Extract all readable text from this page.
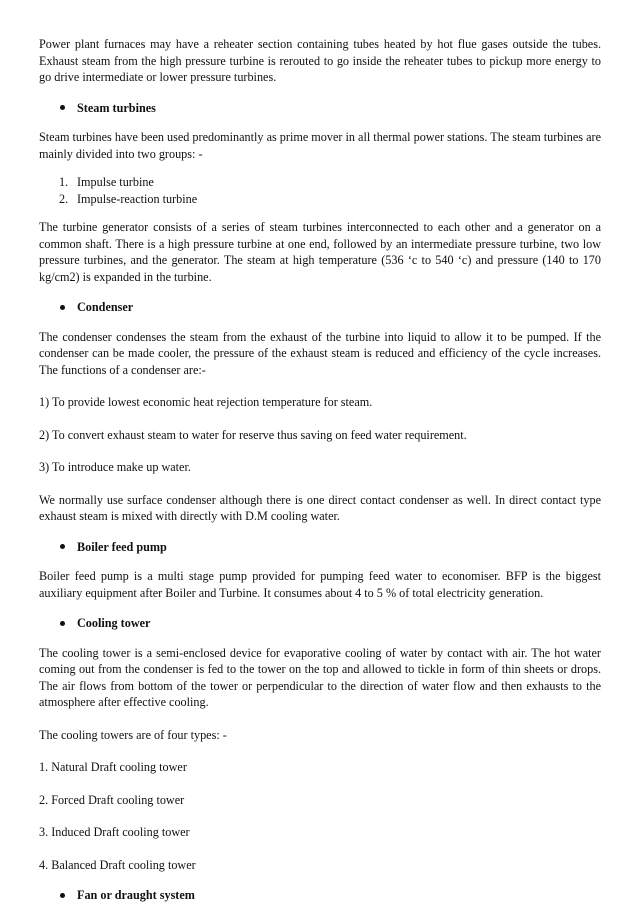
Power plant furnaces may have a reheater section containing tubes heated by hot flue gases outside the tubes. Exhaust steam from the high pressure turbine is rerouted to go inside the reheater tubes to pickup more energy to go drive intermediate or lower pressure turbines.

Steam turbines

Steam turbines have been used predominantly as prime mover in all thermal power stations. The steam turbines are mainly divided into two groups: -

1. Impulse turbine
2. Impulse-reaction turbine

The turbine generator consists of a series of steam turbines interconnected to each other and a generator on a common shaft. There is a high pressure turbine at one end, followed by an intermediate pressure turbine, two low pressure turbines, and the generator. The steam at high temperature (536 ‘c to 540 ‘c) and pressure (140 to 170 kg/cm2) is expanded in the turbine.

Condenser

The condenser condenses the steam from the exhaust of the turbine into liquid to allow it to be pumped. If the condenser can be made cooler, the pressure of the exhaust steam is reduced and efficiency of the cycle increases. The functions of a condenser are:-

1) To provide lowest economic heat rejection temperature for steam.

2) To convert exhaust steam to water for reserve thus saving on feed water requirement.

3) To introduce make up water.

We normally use surface condenser although there is one direct contact condenser as well. In direct contact type exhaust steam is mixed with directly with D.M cooling water.

Boiler feed pump

Boiler feed pump is a multi stage pump provided for pumping feed water to economiser. BFP is the biggest auxiliary equipment after Boiler and Turbine. It consumes about 4 to 5 % of total electricity generation.

Cooling tower

The cooling tower is a semi-enclosed device for evaporative cooling of water by contact with air. The hot water coming out from the condenser is fed to the tower on the top and allowed to tickle in form of thin sheets or drops. The air flows from bottom of the tower or perpendicular to the direction of water flow and then exhausts to the atmosphere after effective cooling.

The cooling towers are of four types: -

1. Natural Draft cooling tower

2. Forced Draft cooling tower

3. Induced Draft cooling tower

4. Balanced Draft cooling tower

Fan or draught system
